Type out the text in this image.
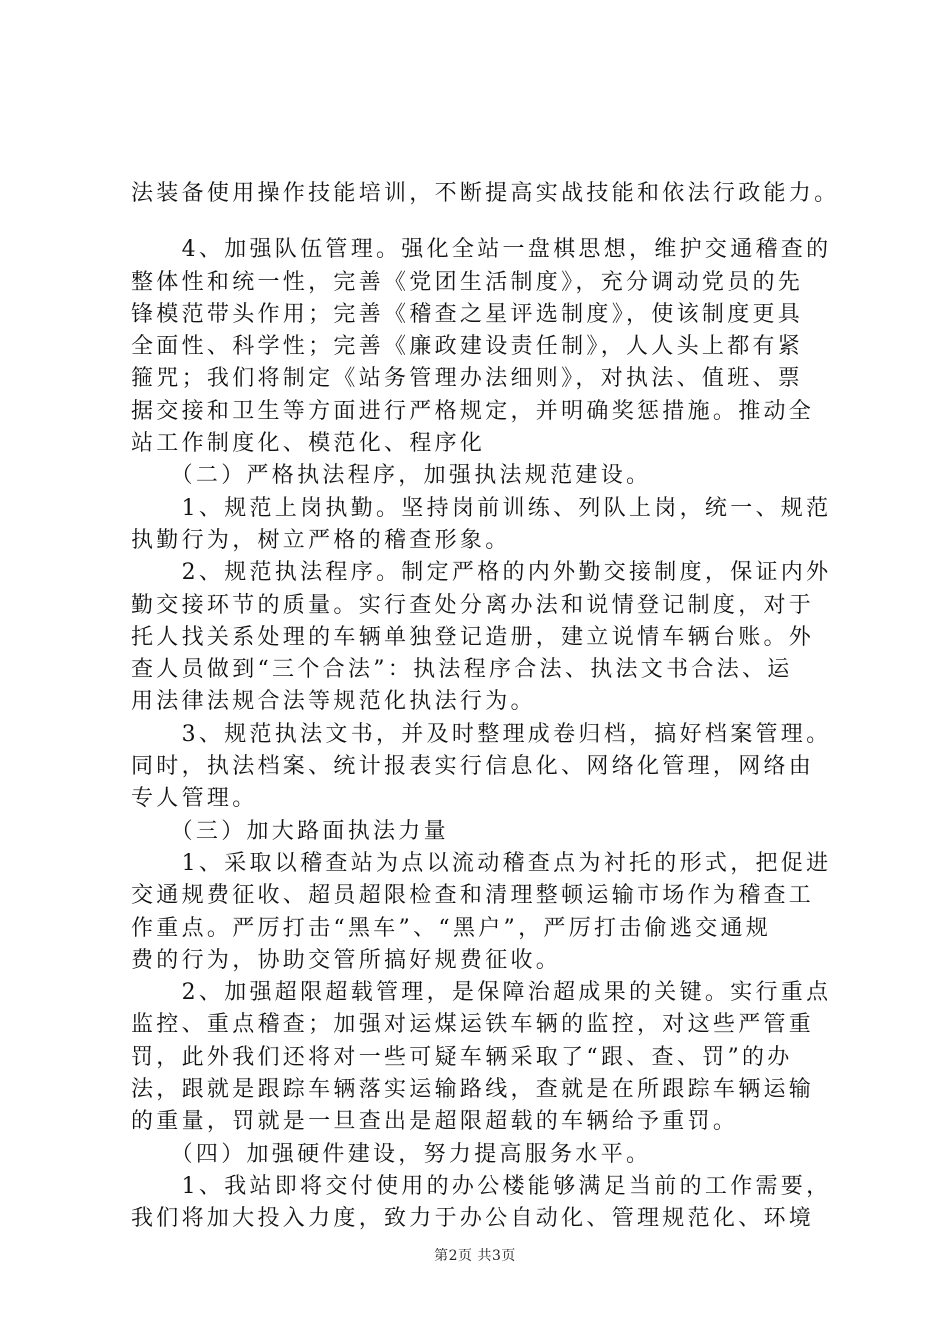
法装备使用操作技能培训，不断提高实战技能和依法行政能力。
　　4、加强队伍管理。强化全站一盘棋思想，维护交通稽查的
整体性和统一性，完善《党团生活制度》，充分调动党员的先
锋模范带头作用；完善《稽查之星评选制度》，使该制度更具
全面性、科学性；完善《廉政建设责任制》，人人头上都有紧
箍咒；我们将制定《站务管理办法细则》，对执法、值班、票
据交接和卫生等方面进行严格规定，并明确奖惩措施。推动全
站工作制度化、模范化、程序化
　　（二）严格执法程序，加强执法规范建设。
　　1、规范上岗执勤。坚持岗前训练、列队上岗，统一、规范
执勤行为，树立严格的稽查形象。
　　2、规范执法程序。制定严格的内外勤交接制度，保证内外
勤交接环节的质量。实行查处分离办法和说情登记制度，对于
托人找关系处理的车辆单独登记造册，建立说情车辆台账。外
查人员做到“三个合法”：执法程序合法、执法文书合法、运
用法律法规合法等规范化执法行为。
　　3、规范执法文书，并及时整理成卷归档，搞好档案管理。
同时，执法档案、统计报表实行信息化、网络化管理，网络由
专人管理。
　　（三）加大路面执法力量
　　1、采取以稽查站为点以流动稽查点为衬托的形式，把促进
交通规费征收、超员超限检查和清理整顿运输市场作为稽查工
作重点。严厉打击“黑车”、“黑户”，严厉打击偷逃交通规
费的行为，协助交管所搞好规费征收。
　　2、加强超限超载管理，是保障治超成果的关键。实行重点
监控、重点稽查；加强对运煤运铁车辆的监控，对这些严管重
罚，此外我们还将对一些可疑车辆采取了“跟、查、罚”的办
法，跟就是跟踪车辆落实运输路线，查就是在所跟踪车辆运输
的重量，罚就是一旦查出是超限超载的车辆给予重罚。
　　（四）加强硬件建设，努力提高服务水平。
　　1、我站即将交付使用的办公楼能够满足当前的工作需要，
我们将加大投入力度，致力于办公自动化、管理规范化、环境
第2页 共3页
